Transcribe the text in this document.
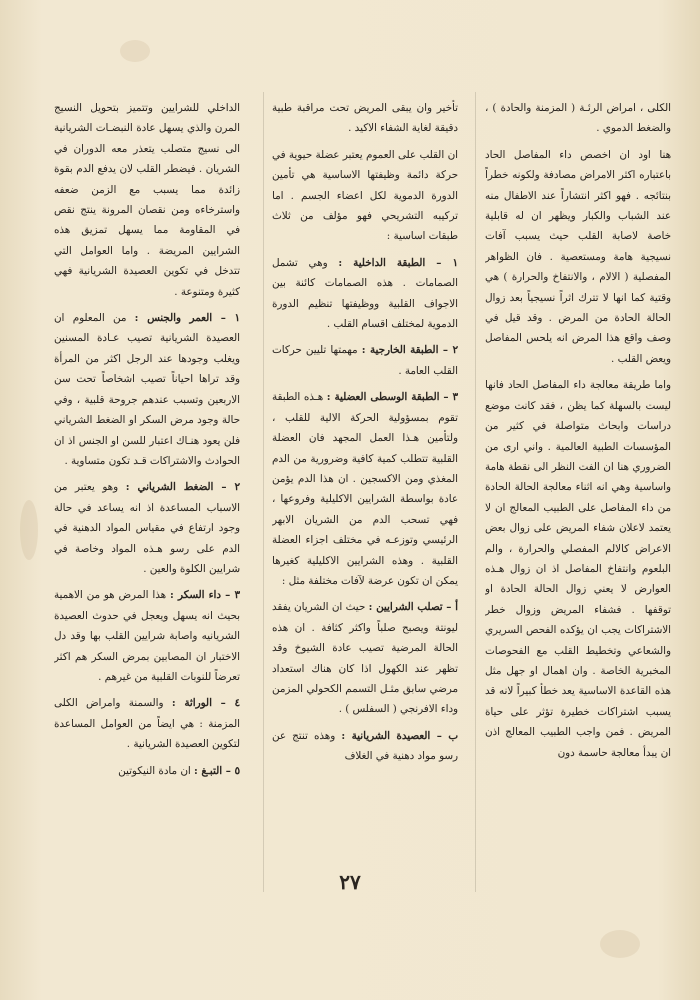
الكلى ، امراض الرئـة ( المزمنة والحادة ) ، والضغط الدموي .

هنا اود ان اخصص داء المفاصل الحاد باعتباره اكثر الامراض مصادفة ولكونه خطراً بنتائجه . فهو اكثر انتشاراً عند الاطفال منه عند الشباب والكبار ويظهر ان له قابلية خاصة لاصابة القلب حيث يسبب آفات نسيجية هامة ومستعصية . فان الظواهر المفصلية ( الالام ، والانتفاخ والحرارة ) هي وقتية كما انها لا تترك اثراً نسيجياً بعد زوال الحالة الحادة من المرض . وقد قيل في وصف واقع هذا المرض انه يلحس المفاصل ويعض القلب .

واما طريقة معالجة داء المفاصل الحاد فانها ليست بالسهلة كما يظن ، فقد كانت موضع دراسات وابحاث متواصلة في كثير من المؤسسات الطبية العالمية . واني ارى من الضروري هنا ان الفت النظر الى نقطة هامة واساسية وهي انه اثناء معالجة الحالة الحادة من داء المفاصل على الطبيب المعالج ان لا يعتمد لاعلان شفاء المريض على زوال بعض الاعراض كالالم المفصلي والحرارة ، والم البلعوم وانتفاخ المفاصل اذ ان زوال هـذه العوارض لا يعني زوال الحالة الحادة او توقفها . فشفاء المريض وزوال خطر الاشتراكات يجب ان يؤكده الفحص السريري والشعاعي وتخطيط القلب مع الفحوصات المخبرية الخاصة . وان اهمال او جهل مثل هذه القاعدة الاساسية يعد خطأ كبيراً لانه قد يسبب اشتراكات خطيرة تؤثر على حياة المريض . فمن واجب الطبيب المعالج اذن ان يبدأ معالجة حاسمة دون

تأخير وان يبقى المريض تحت مراقبة طبية دقيقة لغاية الشفاء الاكيد .

ان القلب على العموم يعتبر عضلة حيوية في حركة دائمة وظيفتها الاساسية هي تأمين الدورة الدموية لكل اعضاء الجسم . اما تركيبه التشريحي فهو مؤلف من ثلاث طبقات اساسية :

١ – الطبقة الداخلية : وهي تشمل الصمامات . هذه الصمامات كائنة بين الاجواف القلبية ووظيفتها تنظيم الدورة الدموية لمختلف اقسام القلب .

٢ – الطبقة الخارجية : مهمتها تليين حركات القلب العامة .

٣ – الطبقة الوسطى العضلية : هـذه الطبقة تقوم بمسؤولية الحركة الالية للقلب ، ولتأمين هـذا العمل المجهد فان العضلة القلبية تتطلب كمية كافية وضرورية من الدم المغذي ومن الاكسجين . ان هذا الدم يؤمن عادة بواسطة الشرايين الاكليلية وفروعها ، فهي تسحب الدم من الشريان الابهر الرئيسي وتوزعـه في مختلف اجزاء العضلة القلبية . وهذه الشرايين الاكليلية كغيرها يمكن ان تكون عرضة لآفات مختلفة مثل :

أ – تصلب الشرايين : حيث ان الشريان يفقد ليونتة ويصبح صلباً واكثر كثافة . ان هذه الحالة المرضية تصيب عادة الشيوخ وقد تظهر عند الكهول اذا كان هناك استعداد مرضي سابق مثـل التسمم الكحولي المزمن وداء الافرنجي ( السفلس ) .

ب – العصيدة الشريانية : وهذه تنتج عن رسو مواد دهنية في الغلاف

الداخلي للشرايين وتتميز بتحويل النسيج المرن والذي يسهل عادة النبضـات الشريانية الى نسيج متصلب يتعذر معه الدوران في الشريان . فيضطر القلب لان يدفع الدم بقوة زائدة مما يسبب مع الزمن ضعفه واسترخاءه ومن نقصان المرونة ينتج نقص في المقاومة مما يسهل تمزيق هذه الشرايين المريضة . واما العوامل التي تتدخل في تكوين العصيدة الشريانية فهي كثيرة ومتنوعة .

١ – العمر والجنس : من المعلوم ان العصيدة الشريانية تصيب عـادة المسنين ويغلب وجودها عند الرجل اكثر من المرأة وقد تراها احياناً تصيب اشخاصاً تحت سن الاربعين وتسبب عندهم جروحة قلبية ، وفي حالة وجود مرض السكر او الضغط الشرياني فلن يعود هنـاك اعتبار للسن او الجنس اذ ان الحوادث والاشتراكات قـد تكون متساوية .

٢ – الضغط الشرياني : وهو يعتبر من الاسباب المساعدة اذ انه يساعد في حالة وجود ارتفاع في مقياس المواد الدهنية في الدم على رسو هـذه المواد وخاصة في شرايين الكلوة والعين .

٣ – داء السكر : هذا المرض هو من الاهمية بحيث انه يسهل ويعجل في حدوث العصيدة الشريانيه واصابة شرايين القلب بها وقد دل الاختبار ان المصابين بمرض السكر هم اكثر تعرضاً للنوبات القلبية من غيرهم .

٤ – الوراثة : والسمنة وامراض الكلى المزمنة : هي ايضاً من العوامل المساعدة لتكوين العصيدة الشريانية .

٥ – التبـغ : ان مادة النيكوتين

٢٧
